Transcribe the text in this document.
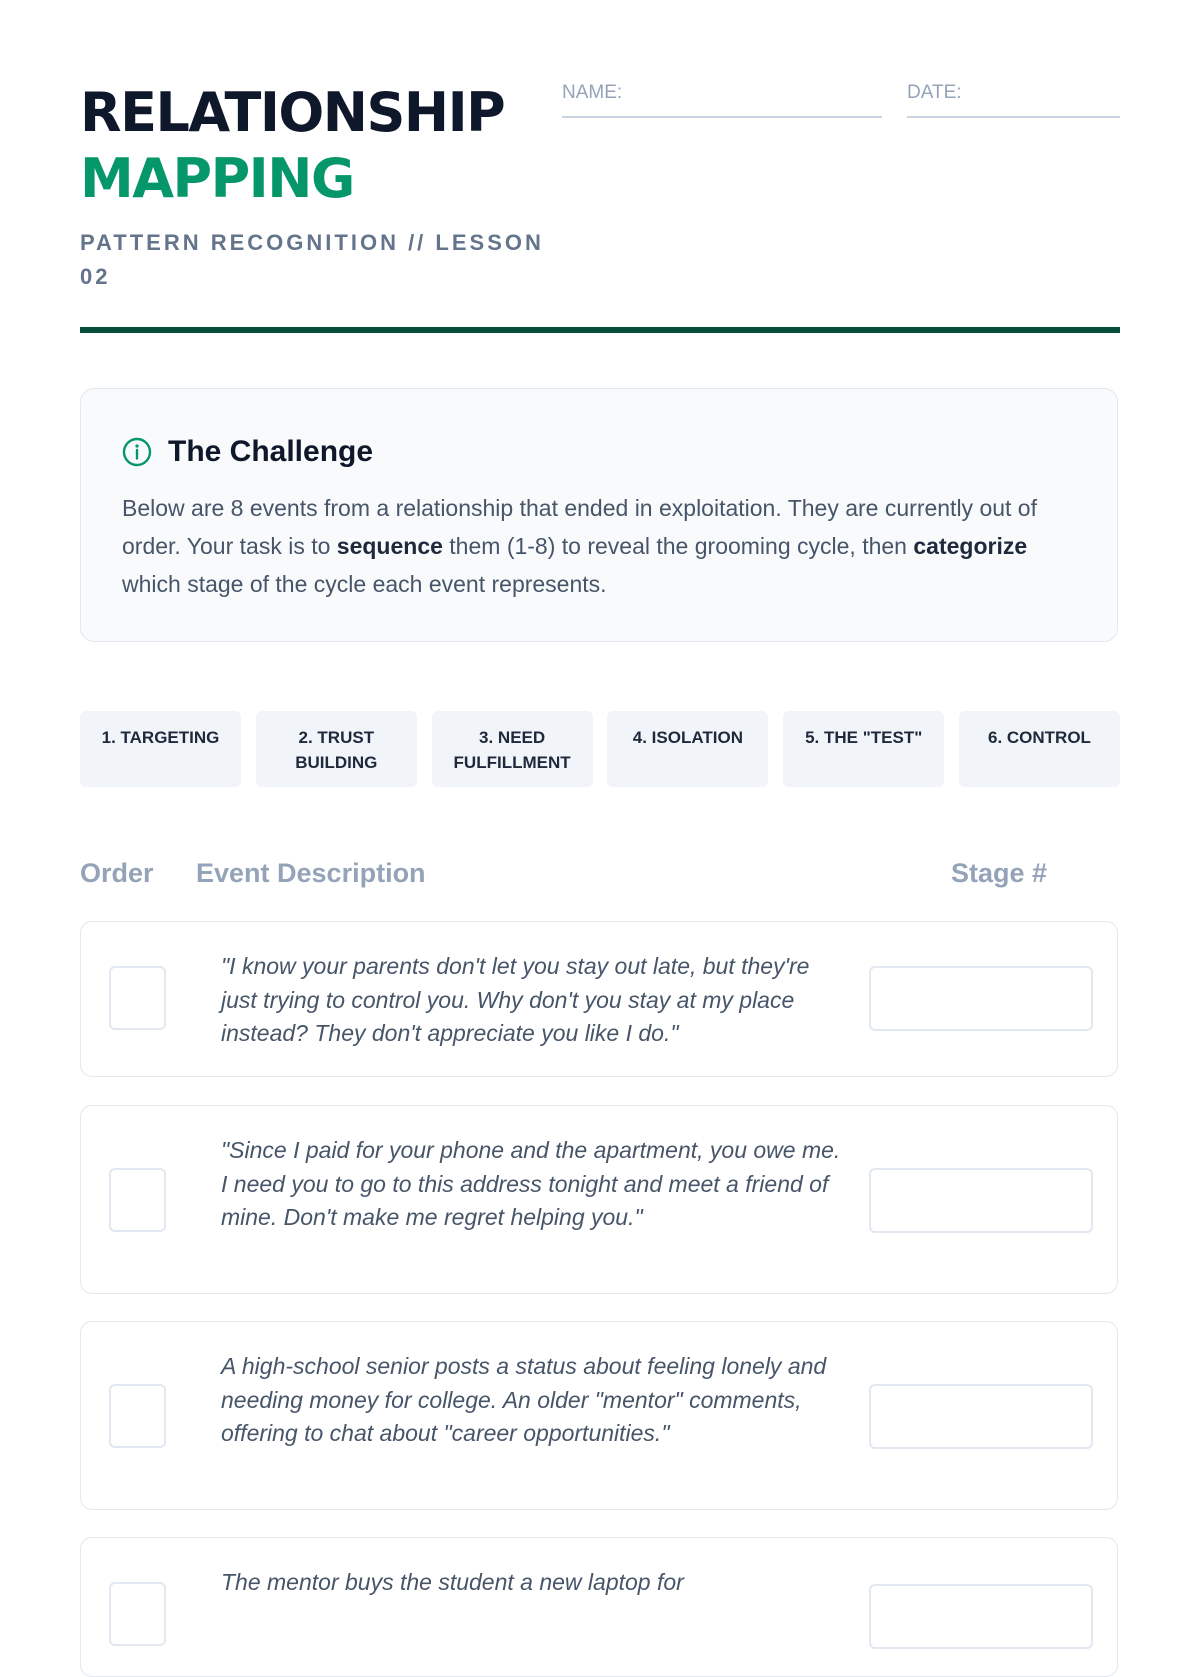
RELATIONSHIP
MAPPING
PATTERN RECOGNITION // LESSON 02
NAME:	DATE:
The Challenge

Below are 8 events from a relationship that ended in exploitation. They are currently out of order. Your task is to sequence them (1-8) to reveal the grooming cycle, then categorize which stage of the cycle each event represents.

1. TARGETING	2. TRUST BUILDING
3. NEED FULFILLMENT
4. ISOLATION	5. THE "TEST"	6. CONTROL
Order Event Description	Stage #

"I know your parents don't let you stay out late, but they're just trying to control you. Why don't you stay at my place instead? They don't appreciate you like I do."

"Since I paid for your phone and the apartment, you owe me. I need you to go to this address tonight and meet a friend of mine. Don't make me regret helping you."

A high-school senior posts a status about feeling lonely and needing money for college. An older "mentor" comments, offering to chat about "career opportunities."

The mentor buys the student a new laptop for
